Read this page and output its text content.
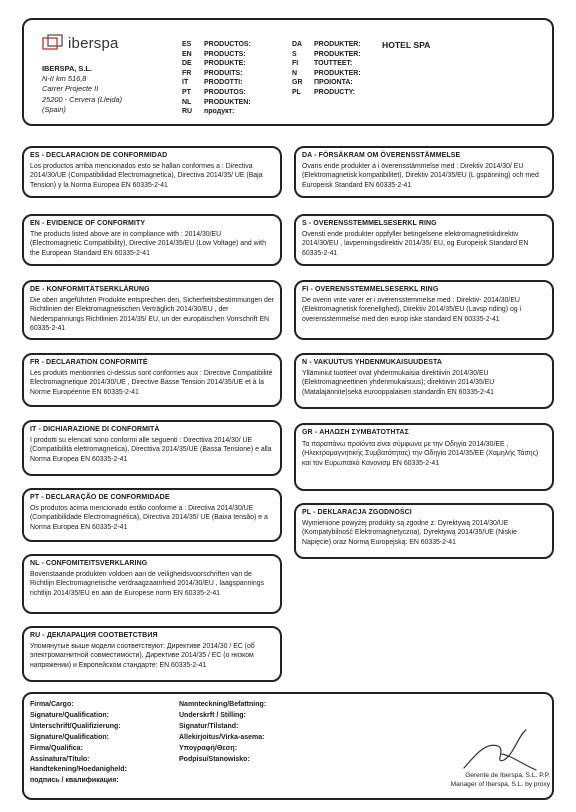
iberspa
IBERSPA, S.L.
N-II km 516,8
Carrer Projecte II
25200 - Cervera (Lleida)
(Spain)
ES PRODUCTOS:
EN PRODUCTS:
DE PRODUKTE:
FR PRODUITS:
IT PRODOTTI:
PT PRODUTOS:
NL PRODUKTEN:
RU продукт:
DA PRODUKTER:
S PRODUKTER:
FI TOUTTEET:
N PRODUKTER:
GR ΠΡΟΙΟΝΤΑ:
PL PRODUCTY:
HOTEL SPA
ES - DECLARACION DE CONFORMIDAD
Los productos arriba mencionados esto se hallan conformes a : Directiva 2014/30/UE (Compatibilidad Electromagnetica), Directiva 2014/35/ UE (Baja Tension) y la Norma Europea EN 60335-2-41
EN - EVIDENCE OF CONFORMITY
The products listed above are in compliance with : 2014/30/EU (Electromagnetic Compatibility), Directive 2014/35/EU (Low Voltage) and with the European Standard EN 60335-2-41
DE - KONFORMITÄTSERKLÄRUNG
Die oben angeführten Produkte entsprechen den, Sicherheitsbestimmungen der Richtlinien der Elektromagnetischen Verträglich 2014/30/EU , der Niederspannungs Richtlinien 2014/35/ EU, un der europäischen Vorrschrift EN 60335-2-41
FR - DECLARATION CONFORMITÉ
Les produits mentionnes ci-dessus sont conformes aux : Directive Compatibilité Electromagnetique 2014/30/UE , Directive Basse Tension 2014/35/UE et à la Norme Européenne EN 60335-2-41
IT - DICHIARAZIONE DI CONFORMITÀ
I prodotti su elencati sono conformi alle seguenti : Directtiva 2014/30/ UE (Compatibilità elettromagnetica), Directtiva 2014/35/UE (Bassa Tensione) e alla Norma Europea EN 60335-2-41
PT - DECLARAÇÃO DE CONFORMIDADE
Os produtos acima mencionado estão conforme a : Directiva 2014/30/UE (Compatibilidade Electromagnética), Directiva 2014/35/ UE (Baixa tensão) e a Norma Europea EN 60335-2-41
NL - CONFOMITEITSVERKLARING
Bovenstaande produkten voldoen aan de veiligheidsvoorschriften van de Richtlijn Electromagnetische verdraagzaamheid 2014/30/EU , laagspannings richtlijn 2014/35/EU en aan de Europese norm EN 60335-2-41
RU - ДЕКЛАРАЦИЯ СООТВЕТСТВИЯ
Упомянутые выше модели соответствуют: Директиве 2014/30 / EC (об электромагнитной совместимости), Директиве 2014/35 / EC (о низком напряжении) и Европейском стандарте: EN 60335-2-41
DA - FÖRSÄKRAM OM ÖVERENSSTÄMMELSE
Ovans ende produkter á i överensstämmelse med : Direktiv 2014/30/ EU (Elektromagnetisk kompatibilitet), Direktiv 2014/35/EU (L gspänning) och med Europeisk Standard EN 60335-2-41
S - OVERENSSTEMMELSESERKL RING
Ovensti ende produkter oppfyller betingelsene elektromagnetiskdirektiv 2014/30/EU , lavpenningsdirektiv 2014/35/ EU, og Europeisk Standard EN 60335-2-41
FI - OVERENSSTEMMELSESERKL RING
De overin vnte varer er i overensstemmelse med : Direktiv- 2014/30/EU (Elektromagnetisk forenelighed), Direktiv 2014/35/EU (Lavsp nding) og i overensstemmelse med den europ iske standard EN 60335-2-41
N - VAKUUTUS YHDENMUKAISUUDESTA
Ylläminiut tuotteet ovat yhdenmukaisia direktiivin 2014/30/EU (Elektromagneettinen yhdenmukaisuus); direktiivin 2014/35/EU (Matalajännite)sekä eurooppalaisen standardin EN 60335-2-41
GR - ΑΗΛΩΣΗ ΣΥΜΒΑΤΟΤΗΤΑΣ
Τα παραπάνω προϊόντα είναι σύμφωνα με την Οδηγία 2014/30/ΕΕ , (Ηλεκτρομαγνητικής Συμβατότητας) την Οδηγία 2014/35/ΕΕ (Χαμηλής Τάσης) και τον Ευρωπαϊκό Κανονισμ EN 60335-2-41
PL - DEKLARACJA ZGODNOŚCI
Wymienione powyżej produkty są zgodne z: Dyrektywą 2014/30/UE (Kompatybilność Elektromagnetyczna), Dyrektywą 2014/35/UE (Niskie Napięcie) oraz Normą Europejską: EN 60335-2-41
Firma/Cargo:
Signature/Qualification:
Unterschrift/Qualifizierung:
Signature/Qualification:
Firma/Qualifica:
Assinatura/Título:
Handtekening/Hoedanigheld:
подпись / квалификация:
Namnteckning/Befattning:
Underskrft / Stilling:
Signatur/Tilstand:
Allekirjoitus/Virka-asema:
Υπογραφή/Θεση:
Podpisu/Stanowisko:
Gerente de Iberspa, S.L. P.P.
Manager of Iberspa, S.L. by proxy
